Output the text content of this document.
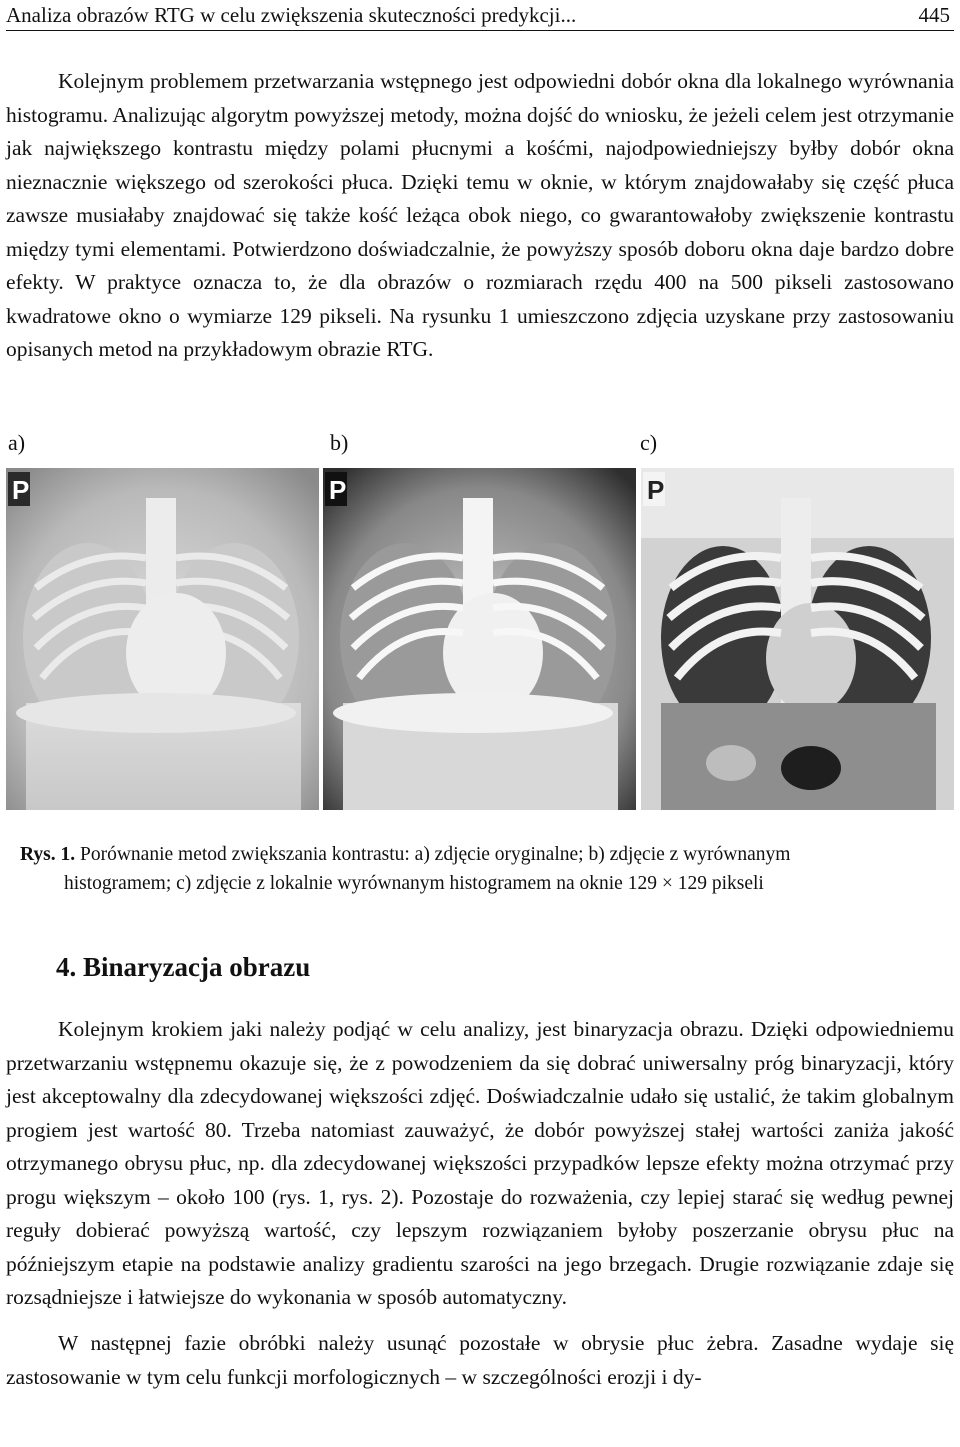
Analiza obrazów RTG w celu zwiększenia skuteczności predykcji...	445

Kolejnym problemem przetwarzania wstępnego jest odpowiedni dobór okna dla lokalnego wyrównania histogramu. Analizując algorytm powyższej metody, można dojść do wniosku, że jeżeli celem jest otrzymanie jak największego kontrastu między polami płucnymi a kośćmi, najodpowiedniejszy byłby dobór okna nieznacznie większego od szerokości płuca. Dzięki temu w oknie, w którym znajdowałaby się część płuca zawsze musiałaby znajdować się także kość leżąca obok niego, co gwarantowałoby zwiększenie kontrastu między tymi elementami. Potwierdzono doświadczalnie, że powyższy sposób doboru okna daje bardzo dobre efekty. W praktyce oznacza to, że dla obrazów o rozmiarach rzędu 400 na 500 pikseli zastosowano kwadratowe okno o wymiarze 129 pikseli. Na rysunku 1 umieszczono zdjęcia uzyskane przy zastosowaniu opisanych metod na przykładowym obrazie RTG.

a)	b)	c)
P	P	P
Rys. 1. Porównanie metod zwiększania kontrastu: a) zdjęcie oryginalne; b) zdjęcie z wyrównanym
histogramem; c) zdjęcie z lokalnie wyrównanym histogramem na oknie 129 × 129 pikseli
4. Binaryzacja obrazu

Kolejnym krokiem jaki należy podjąć w celu analizy, jest binaryzacja obrazu. Dzięki odpowiedniemu przetwarzaniu wstępnemu okazuje się, że z powodzeniem da się dobrać uniwersalny próg binaryzacji, który jest akceptowalny dla zdecydowanej większości zdjęć. Doświadczalnie udało się ustalić, że takim globalnym progiem jest wartość 80. Trzeba natomiast zauważyć, że dobór powyższej stałej wartości zaniża jakość otrzymanego obrysu płuc, np. dla zdecydowanej większości przypadków lepsze efekty można otrzymać przy progu większym – około 100 (rys. 1, rys. 2). Pozostaje do rozważenia, czy lepiej starać się według pewnej reguły dobierać powyższą wartość, czy lepszym rozwiązaniem byłoby poszerzanie obrysu płuc na późniejszym etapie na podstawie analizy gradientu szarości na jego brzegach. Drugie rozwiązanie zdaje się rozsądniejsze i łatwiejsze do wykonania w sposób automatyczny.

W następnej fazie obróbki należy usunąć pozostałe w obrysie płuc żebra. Zasadne wydaje się zastosowanie w tym celu funkcji morfologicznych – w szczególności erozji i dy-
